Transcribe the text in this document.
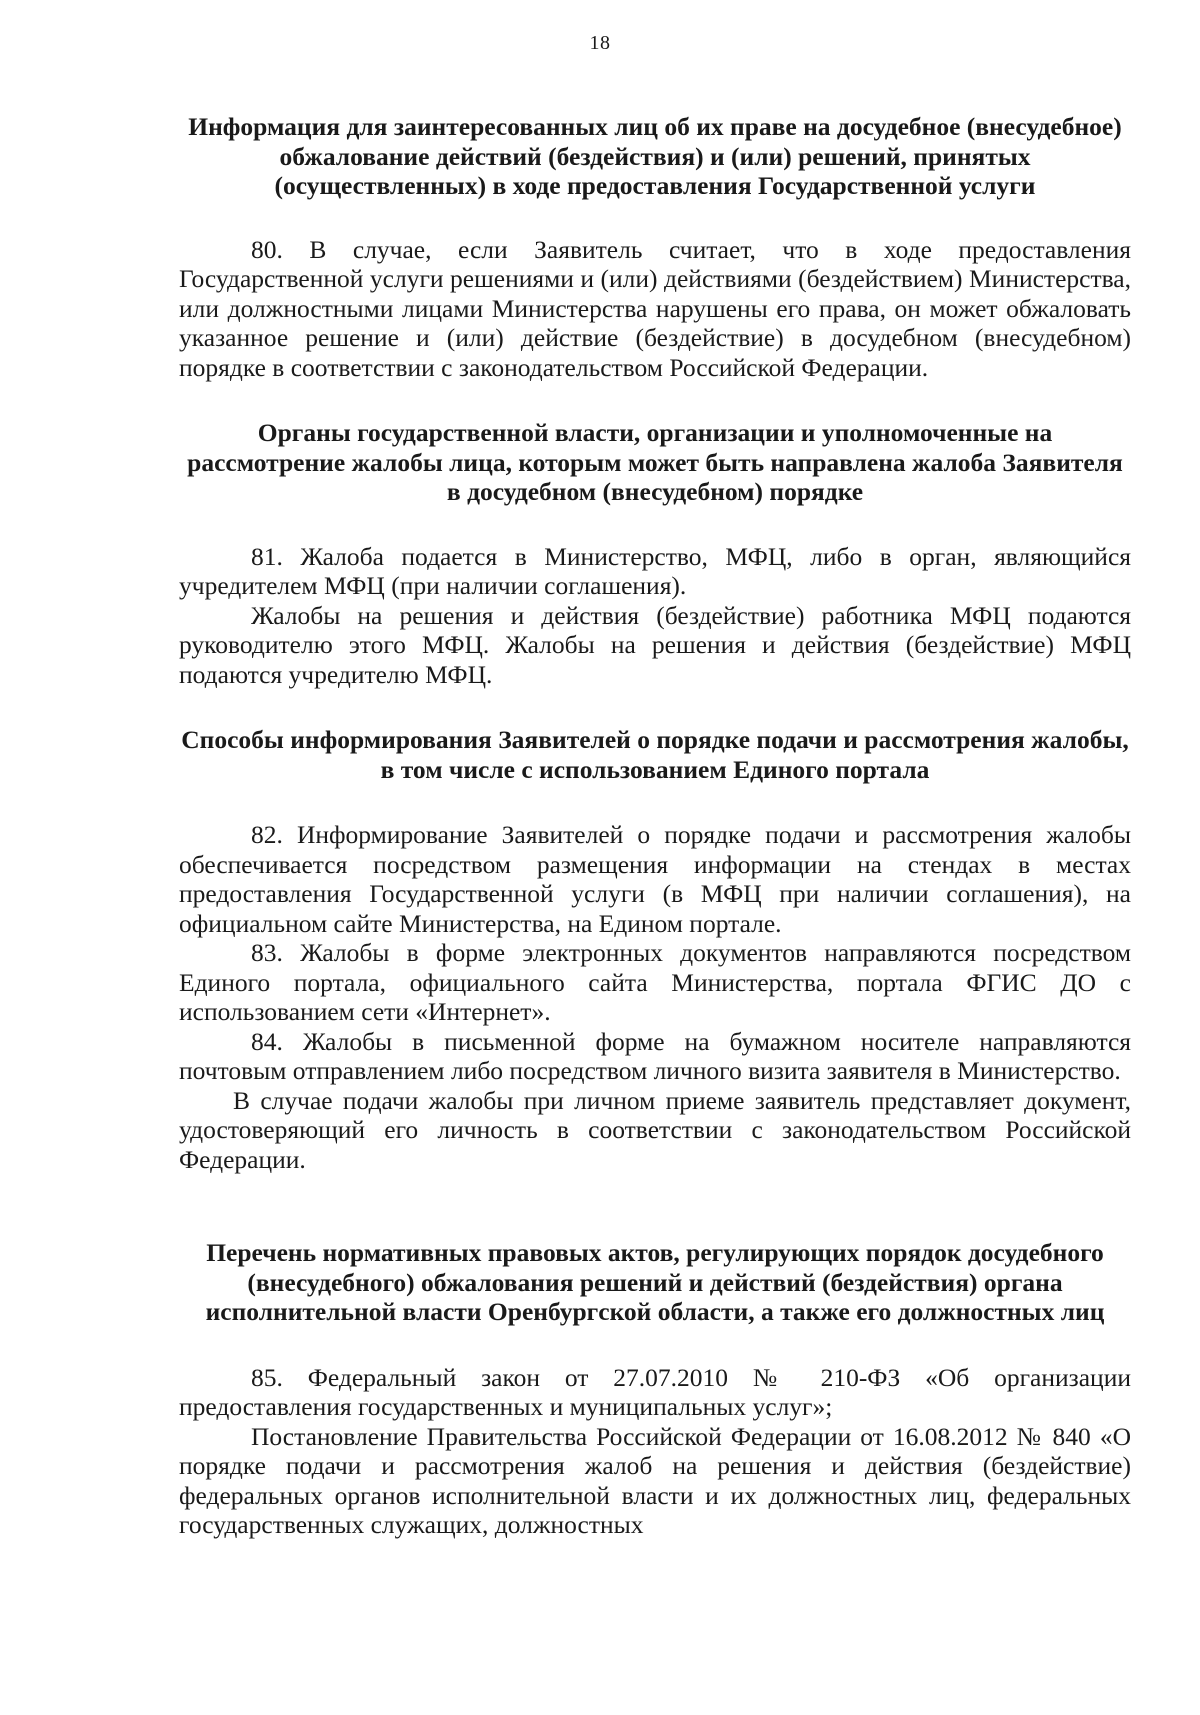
18

Информация для заинтересованных лиц об их праве на досудебное (внесудебное) обжалование действий (бездействия) и (или) решений, принятых (осуществленных) в ходе предоставления Государственной услуги

80. В случае, если Заявитель считает, что в ходе предоставления Государственной услуги решениями и (или) действиями (бездействием) Министерства, или должностными лицами Министерства нарушены его права, он может обжаловать указанное решение и (или) действие (бездействие) в досудебном (внесудебном) порядке в соответствии с законодательством Российской Федерации.

Органы государственной власти, организации и уполномоченные на рассмотрение жалобы лица, которым может быть направлена жалоба Заявителя в досудебном (внесудебном) порядке

81. Жалоба подается в Министерство, МФЦ, либо в орган, являющийся учредителем МФЦ (при наличии соглашения).

Жалобы на решения и действия (бездействие) работника МФЦ подаются руководителю этого МФЦ. Жалобы на решения и действия (бездействие) МФЦ подаются учредителю МФЦ.

Способы информирования Заявителей о порядке подачи и рассмотрения жалобы, в том числе с использованием Единого портала

82. Информирование Заявителей о порядке подачи и рассмотрения жалобы обеспечивается посредством размещения информации на стендах в местах предоставления Государственной услуги (в МФЦ при наличии соглашения), на официальном сайте Министерства, на Едином портале.

83. Жалобы в форме электронных документов направляются посредством Единого портала, официального сайта Министерства, портала ФГИС ДО с использованием сети «Интернет».

84. Жалобы в письменной форме на бумажном носителе направляются почтовым отправлением либо посредством личного визита заявителя в Министерство.

В случае подачи жалобы при личном приеме заявитель представляет документ, удостоверяющий его личность в соответствии с законодательством Российской Федерации.

Перечень нормативных правовых актов, регулирующих порядок досудебного (внесудебного) обжалования решений и действий (бездействия) органа исполнительной власти Оренбургской области, а также его должностных лиц

85. Федеральный закон от 27.07.2010 № 210-ФЗ «Об организации предоставления государственных и муниципальных услуг»;

Постановление Правительства Российской Федерации от 16.08.2012 № 840 «О порядке подачи и рассмотрения жалоб на решения и действия (бездействие) федеральных органов исполнительной власти и их должностных лиц, федеральных государственных служащих, должностных
